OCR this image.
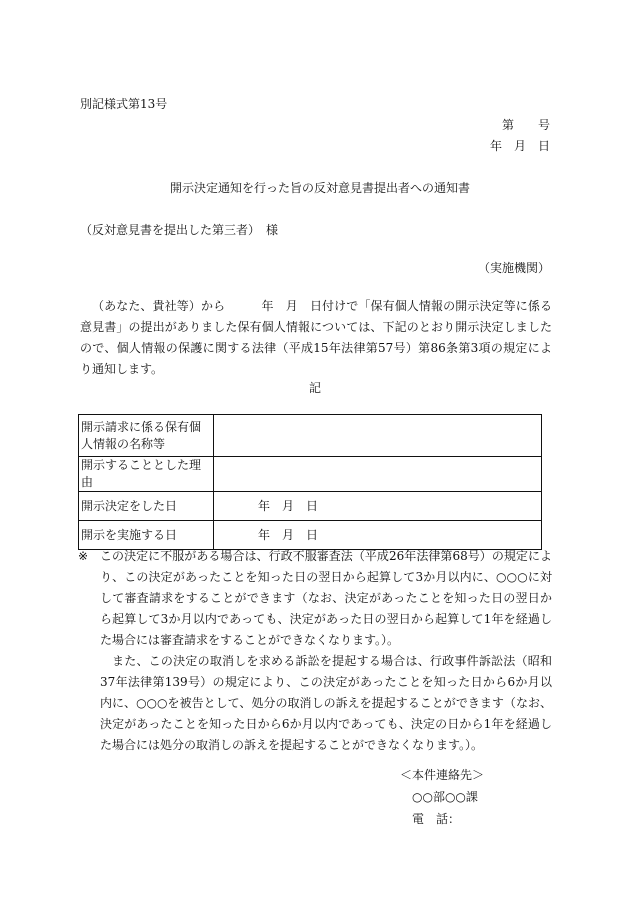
別記様式第13号
第　　号
年　月　日
開示決定通知を行った旨の反対意見書提出者への通知書
（反対意見書を提出した第三者）　様
（実施機関）

（あなた、貴社等）から　　　年　月　日付けで「保有個人情報の開示決定等に係る意見書」の提出がありました保有個人情報については、下記のとおり開示決定しましたので、個人情報の保護に関する法律（平成15年法律第57号）第86条第3項の規定により通知します。

記
開示請求に係る保有個人情報の名称等	
開示することとした理由	
開示決定をした日	年　月　日
開示を実施する日	年　月　日
※ この決定に不服がある場合は、行政不服審査法（平成26年法律第68号）の規定により、この決定があったことを知った日の翌日から起算して3か月以内に、○○○に対して審査請求をすることができます（なお、決定があったことを知った日の翌日から起算して3か月以内であっても、決定があった日の翌日から起算して1年を経過した場合には審査請求をすることができなくなります。）。
また、この決定の取消しを求める訴訟を提起する場合は、行政事件訴訟法（昭和37年法律第139号）の規定により、この決定があったことを知った日から6か月以内に、○○○を被告として、処分の取消しの訴えを提起することができます（なお、決定があったことを知った日から6か月以内であっても、決定の日から1年を経過した場合には処分の取消しの訴えを提起することができなくなります。）。
＜本件連絡先＞
○○部○○課
電　話：
